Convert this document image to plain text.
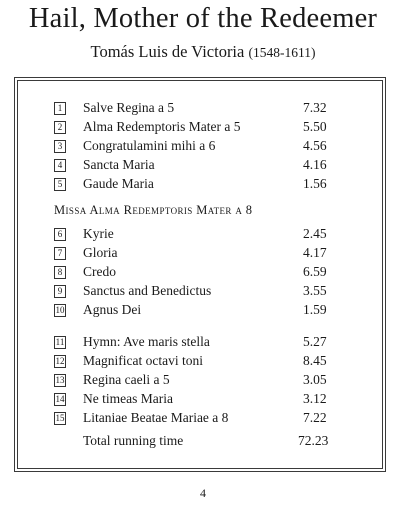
Hail, Mother of the Redeemer
Tomás Luis de Victoria (1548-1611)
1 Salve Regina a 5	7.32
2 Alma Redemptoris Mater a 5	5.50
3 Congratulamini mihi a 6	4.56
4 Sancta Maria	4.16
5 Gaude Maria	1.56
Missa Alma Redemptoris Mater a 8
6 Kyrie	2.45
7 Gloria	4.17
8 Credo	6.59
9 Sanctus and Benedictus	3.55
10 Agnus Dei	1.59
11 Hymn: Ave maris stella	5.27
12 Magnificat octavi toni	8.45
13 Regina caeli a 5	3.05
14 Ne timeas Maria	3.12
15 Litaniae Beatae Mariae a 8	7.22
Total running time	72.23
4
